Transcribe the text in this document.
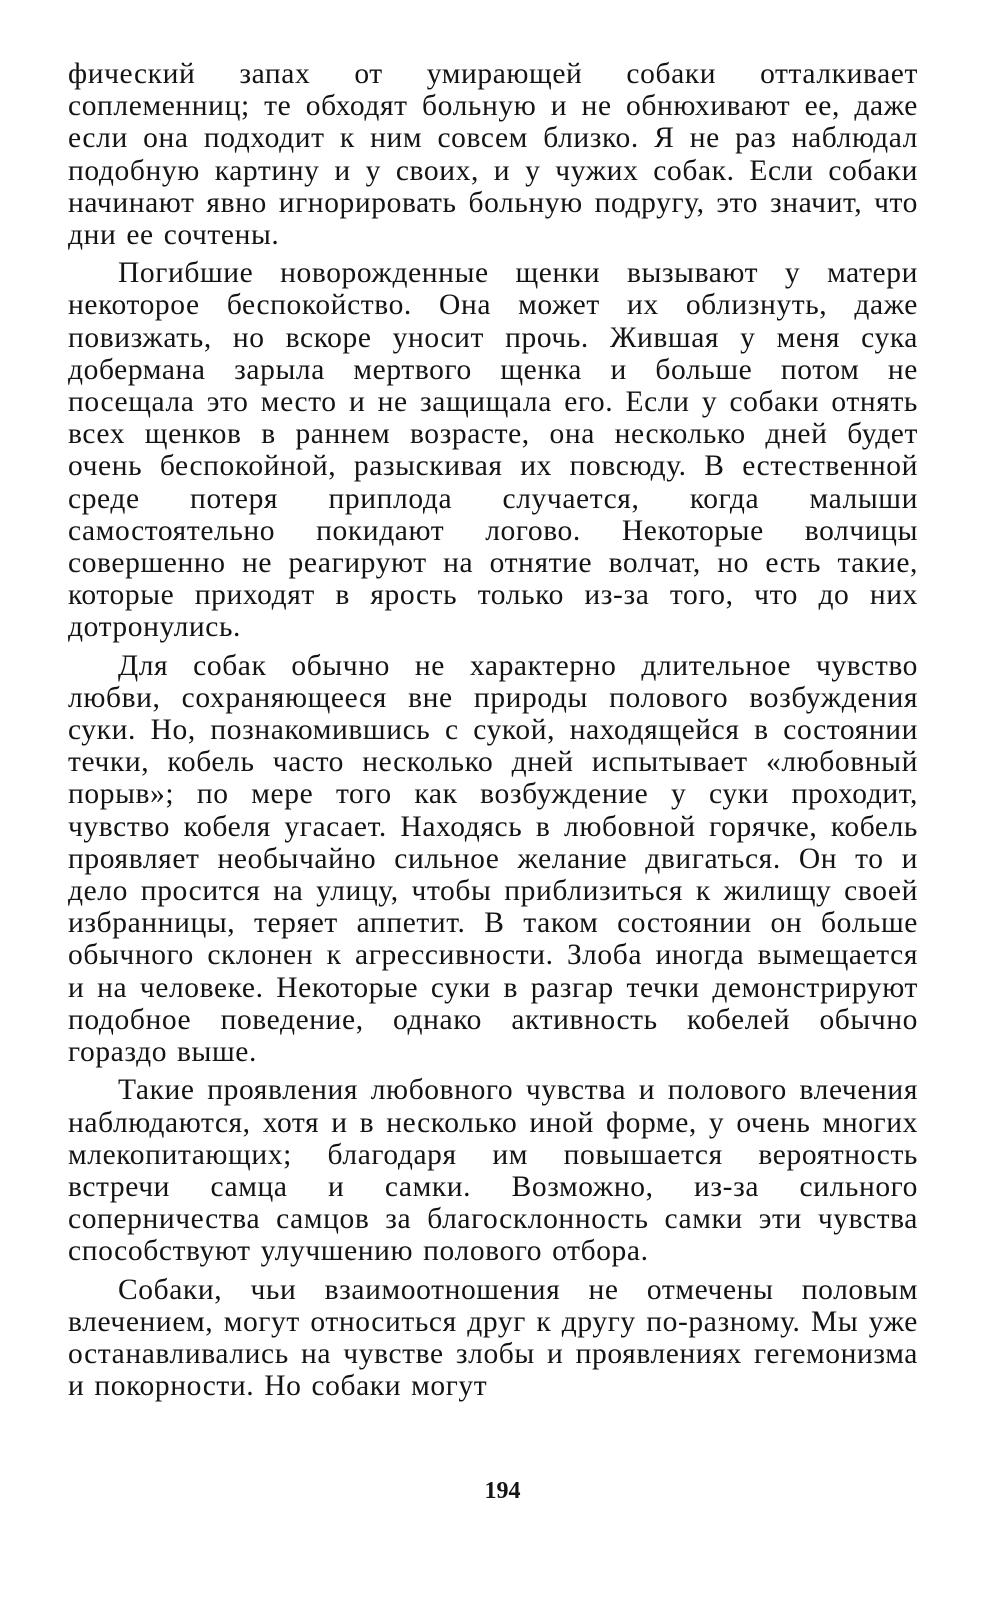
фический запах от умирающей собаки отталкивает соплеменниц; те обходят больную и не обнюхивают ее, даже если она подходит к ним совсем близко. Я не раз наблюдал подобную картину и у своих, и у чужих собак. Если собаки начинают явно игнорировать больную подругу, это значит, что дни ее сочтены.

Погибшие новорожденные щенки вызывают у матери некоторое беспокойство. Она может их облизнуть, даже повизжать, но вскоре уносит прочь. Жившая у меня сука добермана зарыла мертвого щенка и больше потом не посещала это место и не защищала его. Если у собаки отнять всех щенков в раннем возрасте, она несколько дней будет очень беспокойной, разыскивая их повсюду. В естественной среде потеря приплода случается, когда малыши самостоятельно покидают логово. Некоторые волчицы совершенно не реагируют на отнятие волчат, но есть такие, которые приходят в ярость только из-за того, что до них дотронулись.

Для собак обычно не характерно длительное чувство любви, сохраняющееся вне природы полового возбуждения суки. Но, познакомившись с сукой, находящейся в состоянии течки, кобель часто несколько дней испытывает «любовный порыв»; по мере того как возбуждение у суки проходит, чувство кобеля угасает. Находясь в любовной горячке, кобель проявляет необычайно сильное желание двигаться. Он то и дело просится на улицу, чтобы приблизиться к жилищу своей избранницы, теряет аппетит. В таком состоянии он больше обычного склонен к агрессивности. Злоба иногда вымещается и на человеке. Некоторые суки в разгар течки демонстрируют подобное поведение, однако активность кобелей обычно гораздо выше.

Такие проявления любовного чувства и полового влечения наблюдаются, хотя и в несколько иной форме, у очень многих млекопитающих; благодаря им повышается вероятность встречи самца и самки. Возможно, из-за сильного соперничества самцов за благосклонность самки эти чувства способствуют улучшению полового отбора.

Собаки, чьи взаимоотношения не отмечены половым влечением, могут относиться друг к другу по-разному. Мы уже останавливались на чувстве злобы и проявлениях гегемонизма и покорности. Но собаки могут

194
